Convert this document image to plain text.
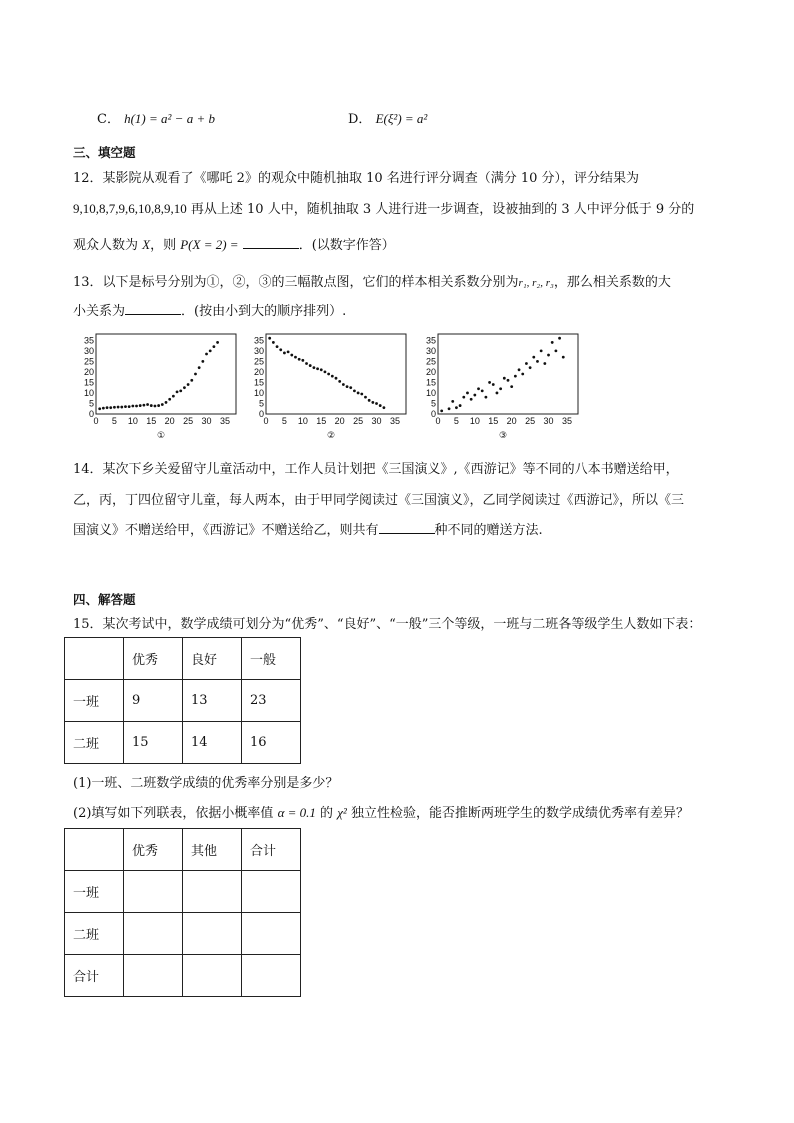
C． h(1) = a² − a + b	D． E(ξ²) = a²
三、填空题
12．某影院从观看了《哪吒 2》的观众中随机抽取 10 名进行评分调查（满分 10 分），评分结果为
9,10,8,7,9,6,10,8,9,10 再从上述 10 人中，随机抽取 3 人进行进一步调查，设被抽到的 3 人中评分低于 9 分的
观众人数为 X，则 P(X = 2) =	．(以数字作答）
13．以下是标号分别为①，②，③的三幅散点图，它们的样本相关系数分别为r₁, r₂, r₃，那么相关系数的大
小关系为	．(按由小到大的顺序排列）.
0
5
10
15
20
25
30
35
0 5 10 15 20 25 30 35
①
0
5
10
15
20
25
30
35
0 5 10 15 20 25 30 35
②
0
5
10
15
20
25
30
35
0 5 10 15 20 25 30 35
③
14．某次下乡关爱留守儿童活动中，工作人员计划把《三国演义》,《西游记》等不同的八本书赠送给甲，
乙，丙，丁四位留守儿童，每人两本，由于甲同学阅读过《三国演义》，乙同学阅读过《西游记》，所以《三
国演义》不赠送给甲，《西游记》不赠送给乙，则共有	种不同的赠送方法.
四、解答题
15．某次考试中，数学成绩可划分为“优秀”、“良好”、“一般”三个等级，一班与二班各等级学生人数如下表：
	优秀	良好	一般
一班	9	13	23
二班	15	14	16
(1)一班、二班数学成绩的优秀率分别是多少？
(2)填写如下列联表，依据小概率值 α = 0.1 的 χ² 独立性检验，能否推断两班学生的数学成绩优秀率有差异？
	优秀	其他	合计
一班			
二班			
合计			
